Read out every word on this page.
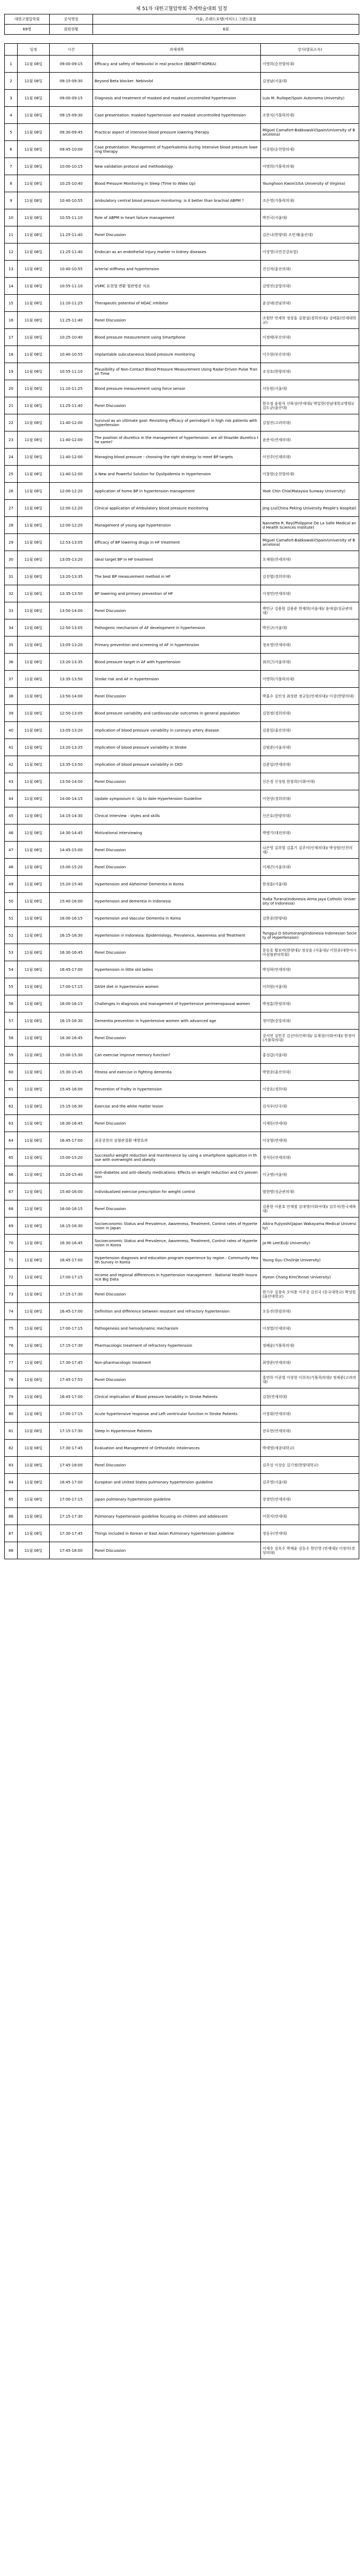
제 51차 대한고혈압학회 추계학술대회 일정
대한고혈압학회	공식명칭	서울, 콘래드호텔(여의도) 그랜드볼룸
69명	회원현황	6회
	일정	시간	과제제목	강사(발표소속)
1	11월 08일	09:00-09:15	Efficacy and safety of Nebivolol in real practice (BENEFIT-KOREA)	이명희(순천향의대)
2	11월 08일	09:15-09:30	Beyond Beta blocker: Nebivolol	김정남(서울대)
3	11월 08일	09:00-09:15	Diagnosis and treatment of masked and masked uncontrolled hypertension	Luis M. Ruilope(Spain Autonoma University)
4	11월 08일	09:15-09:30	Case presentation: masked hypertension and masked uncontrolled hypertension	조한식(가톨릭의대)
5	11월 08일	09:30-09:45	Practical aspect of intensive blood pressure lowering therapy	Miguel Camafort-Babkowski(Spain/University of Barcelona)
6	11월 08일	09:45-10:00	Case presentation: Management of hyperkalemia during intensive blood pressure lowering therapy	이종원(순천향의대)
7	11월 08일	10:00-10:15	New validation protocol and methodology	이명희(가톨릭의대)
8	11월 08일	10:25-10:40	Blood Pressure Monitoring in Sleep (Time to Wake Up)	Younghoon Kwon(USA University of Virginia)
9	11월 08일	10:40-10:55	Ambulatory central blood pressure monitoring: is it better than brachial ABPM ?	조은영(가톨릭의대)
10	11월 08일	10:55-11:10	Role of ABPM in heart failure management	박진국(서울대)
11	11월 08일	11:25-11:40	Panel Discussion	김은나(한양대) 조민재(울산대)
12	11월 08일	11:25-11:40	Endocan as an endothelial injury marker in kidney diseases	이상영(국민건강보험)
13	11월 08일	10:40-10:55	Arterial stiffness and hypertension	진선자(울산의대)
14	11월 08일	10:55-11:10	VSMC 표현형 변환 혈관병증 치료	김명진(중앙의대)
15	11월 08일	11:10-11:25	Therapeutic potential of HDAC inhibitor	윤성대(전남의대)
16	11월 08일	11:25-11:40	Panel Discussion	조원만 연세학 정상훈 김광섭(경희의대)/ 강태훈(연세대학교)
17	11월 08일	10:25-10:40	Blood pressure measurement using Smartphone	이정태(부산의대)
18	11월 08일	10:40-10:55	Implantable subcutaneous blood pressure monitoring	이수현(부산의대)
19	11월 08일	10:55-11:10	Plausibility of Non-Contact Blood Pressure Measurement Using Radar-Driven Pulse Transit Time	조성호(한양의대)
20	11월 08일	11:10-11:25	Blood pressure measurement using force sensor	서동원(서울대)
21	11월 08일	11:25-11:40	Panel Discussion	한수정 윤원식 신하성(연세대)/ 박일한(전남대학교병원)/ 김도균(울산대)
22	11월 08일	11:40-12:00	Survival as an ultimate goal: Revisiting efficacy of perindopril in high risk patients with hypertension	김철진(고려의대)
23	11월 08일	11:40-12:00	The position of diuretics in the management of hypertension: are all thiazide diuretics the same?	윤준식(연세의대)
24	11월 08일	11:40-12:00	Managing blood pressure - choosing the right strategy to meet BP targets	이진주(인제의대)
25	11월 08일	11:40-12:00	A New and Powerful Solution for Dyslipidemia in Hypertension	이창현(순천향의대)
26	11월 08일	12:00-12:20	Application of home BP in hypertension management	Yook Chin Chia(Malaysia Sunway University)
27	11월 08일	12:00-12:20	Clinical application of Ambulatory blood pressure monitoring	Jing Liu(China Peking University People's Hospital)
28	11월 08일	12:00-12:20	Management of young age hypertension	Nannette R. Rey(Philippine De La Salle Medical and Health Sciences Institute)
29	11월 08일	12:53-13:05	Efficacy of BP lowering drugs in HF treatment	Miguel Camafort-Babkowski(Spain/University of Barcelona)
30	11월 08일	13:05-13:20	Ideal target BP in HF treatment	오재원(연세의대)
31	11월 08일	13:20-13:35	The best BP measurement method in HF	김진엽(경희의대)
32	11월 08일	13:35-13:50	BP lowering and primary prevention of HF	이정민(연세의대)
33	11월 08일	13:50-14:00	Panel Discussion	박민규 김용원 김용준 한재희(서울대)/ 윤대섭(성균관의대)
34	11월 08일	12:50-13:05	Pathogenic mechanism of AF development in hypertension	박진규(서울대)
35	11월 08일	13:05-13:20	Primary prevention and screening of AF in hypertension	정보영(연세의대)
36	11월 08일	13:20-13:35	Blood pressure target in AF with hypertension	최의근(서울의대)
37	11월 08일	13:35-13:50	Stroke risk and AF in hypertension	이명희(가톨릭의대)
38	11월 08일	13:50-14:00	Panel Discussion	박홍수 김인성 최상완 정규동(연세의대)/ 이강(한양의대)
39	11월 08일	12:50-13:05	Blood pressure variability and cardiovascular outcomes in general population	김현정(경희의대)
40	11월 08일	13:05-13:20	Implication of blood pressure variability in coronary artery disease	김용일(울산의대)
41	11월 08일	13:20-13:35	Implication of blood pressure variability in Stroke	김범준(서울의대)
42	11월 08일	13:35-13:50	Implication of blood pressure variability in CKD	김준일(연세의대)
43	11월 08일	13:50-14:00	Panel Discussion	신은경 신성원 한창희(이화여대)
44	11월 08일	14:00-14:15	Update symposium II: Up to date Hypertension Guideline	이현상(경희의대)
45	11월 08일	14:15-14:30	Clinical interview : styles and skills	신은호(한양의대)
46	11월 08일	14:30-14:45	Motivational interviewing	박병기(대전의대)
47	11월 08일	14:45-15:00	Panel Discussion	나은영 김희열 김홍기 김주미(인제의대)/ 박성원(인천의대)
48	11월 08일	15:00-15:20	Panel Discussion	이재곤(서울의대)
49	11월 08일	15:20-15:40	Hypertension and Alzheimer Dementia in Korea	한정훈(서울대)
50	11월 08일	15:40-16:00	Hypertension and dementia in Indonesia	Yudia Turana(Indonesia Atma Jaya Catholic University of Indonesia)
51	11월 08일	16:00-16:15	Hypertension and Vascular Dementia in Korea	김한종(한양대)
52	11월 08일	16:15-16:30	Hypertension in Indonesia: Epidemiology, Prevalence, Awareness and Treatment	Tunggul D Situmorang(Indonesia Indonesian Society of Hypertension)
53	11월 08일	16:30-16:45	Panel Discussion	문승호 황보비(한양대)/ 정상훈 (서울대)/ 이현종(대한아시아심혈관의학회)
54	11월 08일	16:45-17:00	Hypertension in little old ladies	박성하(연세의대)
55	11월 08일	17:00-17:15	DASH diet in hypertensive women	이희원(서울대)
56	11월 08일	16:00-16:15	Challenges in diagnosis and management of hypertensive perimenopausal women	박정흠(한림의대)
57	11월 08일	16:15-16:30	Dementia prevention in hypertensive women with advanced age	정미향(중앙의대)
58	11월 08일	16:30-16:45	Panel Discussion	강서연 김민주 김선미(인하대)/ 류재성(이화여대)/ 한정아(가톨릭의대)
59	11월 08일	15:00-15:30	Can exercise improve memory function?	홍성갑(서울대)
60	11월 08일	15:30-15:45	Fitness and exercise in fighting dementia	박현종(울산의대)
61	11월 08일	15:45-16:00	Prevention of frailty in hypertension	이상호(경희대)
62	11월 08일	15:15-16:30	Exercise and the white matter lesion	김석우(단국대)
63	11월 08일	16:30-16:45	Panel Discussion	이재동(연세대)
64	11월 08일	16:45-17:00	최중강현의 심혈관질환 예방효과	이상형(연세대)
65	11월 08일	15:00-15:20	Successful weight reduction and maintenance by using a smartphone application in those with overweight and obesity	정석동(연세의대)
66	11월 08일	15:20-15:40	Anti-diabetes and anti-obesity medications: Effects on weight reduction and CV prevention	이규명(서울대)
67	11월 08일	15:40-16:00	Individualized exercise prescription for weight control	염현명(성균관의대)
68	11월 08일	16:00-16:15	Panel Discussion	김용현 이용호 안재철 김대영(이화여대)/ 김무식(한국체육대)
69	11월 08일	16:15-16:30	Socioeconomic Status and Prevalence, Awareness, Treatment, Control rates of Hypertension in Japan	Aikira Fujiyoshi(Japan Wakayama Medical University)
70	11월 08일	16:30-16:45	Socioeconomic Status and Prevalence, Awareness, Treatment, Control rates of Hypertension in Korea	Ja-Mi Lee(Eulji University)
71	11월 08일	16:45-17:00	Hypertension diagnosis and education program experience by region : Community Health Survey in Korea	Young Gyu Cho(Inje University)
72	11월 08일	17:00-17:15	Income and regional differences in hypertension management : National Health Insurance Big Data	Hyeon Chang Kim(Yonsei University)
73	11월 08일	17:15-17:30	Panel Discussion	한기우 김창숙 오덕용 이주강 김진국 (동국대학교) 박성원(울산대학교)
74	11월 08일	16:45-17:00	Definition and difference between resistant and refractory hypertension	오동진(한림의대)
75	11월 08일	17:00-17:15	Pathogenesis and hemodynamic mechanism	이정열(인제의대)
76	11월 08일	17:15-17:30	Pharmacologic treatment of refractory hypertension	정혜윤(가톨릭의대)
77	11월 08일	17:30-17:45	Non-pharmacologic treatment	최영준(연세의대)
78	11월 08일	17:45-17:55	Panel Discussion	홍연희 이종열 이상현 이희옥(가톨릭의대)/ 정재준(고려의대)
79	11월 08일	16:45-17:00	Clinical implication of Blood pressure Variability in Stroke Patients	김현(연세의대)
80	11월 08일	17:00-17:15	Acute hypertensive response and Left ventricular function in Stroke Patients	이장회(연세의대)
81	11월 08일	17:15-17:30	Sleep in Hypertensive Patients	전우현(연세의대)
82	11월 08일	17:30-17:45	Evaluation and Management of Orthostatic Intolerances	박세영(세종대학교)
83	11월 08일	17:45-18:00	Panel Discussion	김주성 이상승 김기정(한양대학교)
84	11월 08일	16:45-17:00	European and United States pulmonary hypertension guideline	김주영(서울대)
85	11월 08일	17:00-17:15	Japan pulmonary hypertension guideline	장정민(연세의대)
86	11월 08일	17:15-17:30	Pulmonary hypertension guideline focusing on children and adolescent	이현지(연세대)
87	11월 08일	17:30-17:45	Things included in Korean or East Asian Pulmonary hypertension guideline	정동우(연세대)
88	11월 08일	17:45-18:00	Panel Discussion	이재수 김옥수 박재윤 김동수 한인영 (연세대)/ 이정미(경상의대)
